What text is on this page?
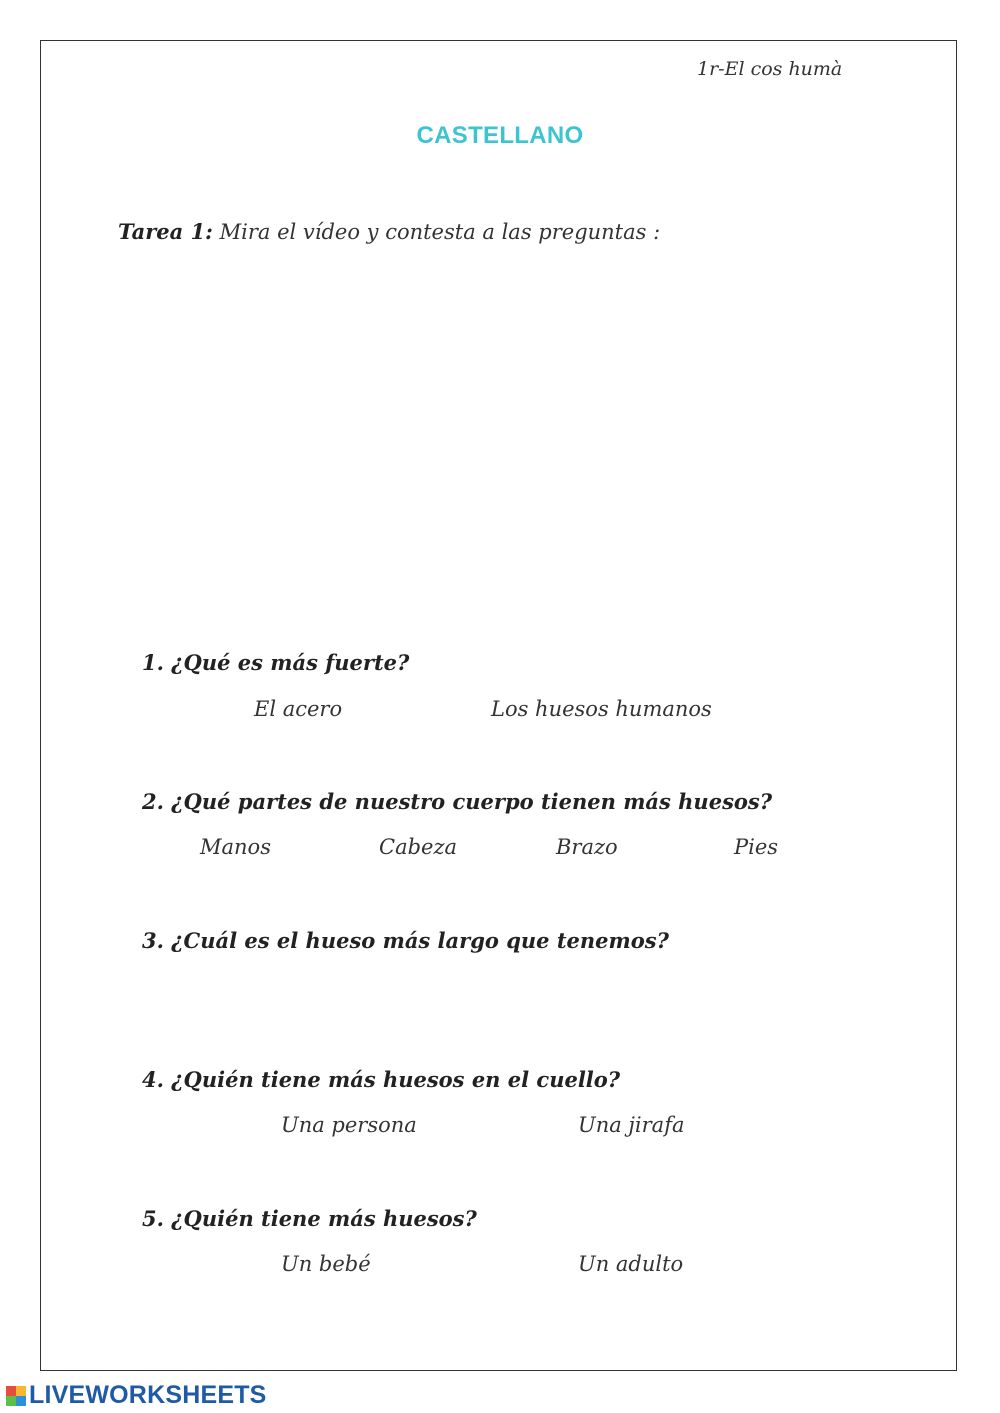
1r-El cos humà
CASTELLANO
Tarea 1: Mira el vídeo y contesta a las preguntas :
1. ¿Qué es más fuerte?
El acero	Los huesos humanos
2. ¿Qué partes de nuestro cuerpo tienen más huesos?
Manos	Cabeza	Brazo	Pies
3. ¿Cuál es el hueso más largo que tenemos?
4. ¿Quién tiene más huesos en el cuello?
Una persona	Una jirafa
5. ¿Quién tiene más huesos?
Un bebé	Un adulto
LIVEWORKSHEETS
